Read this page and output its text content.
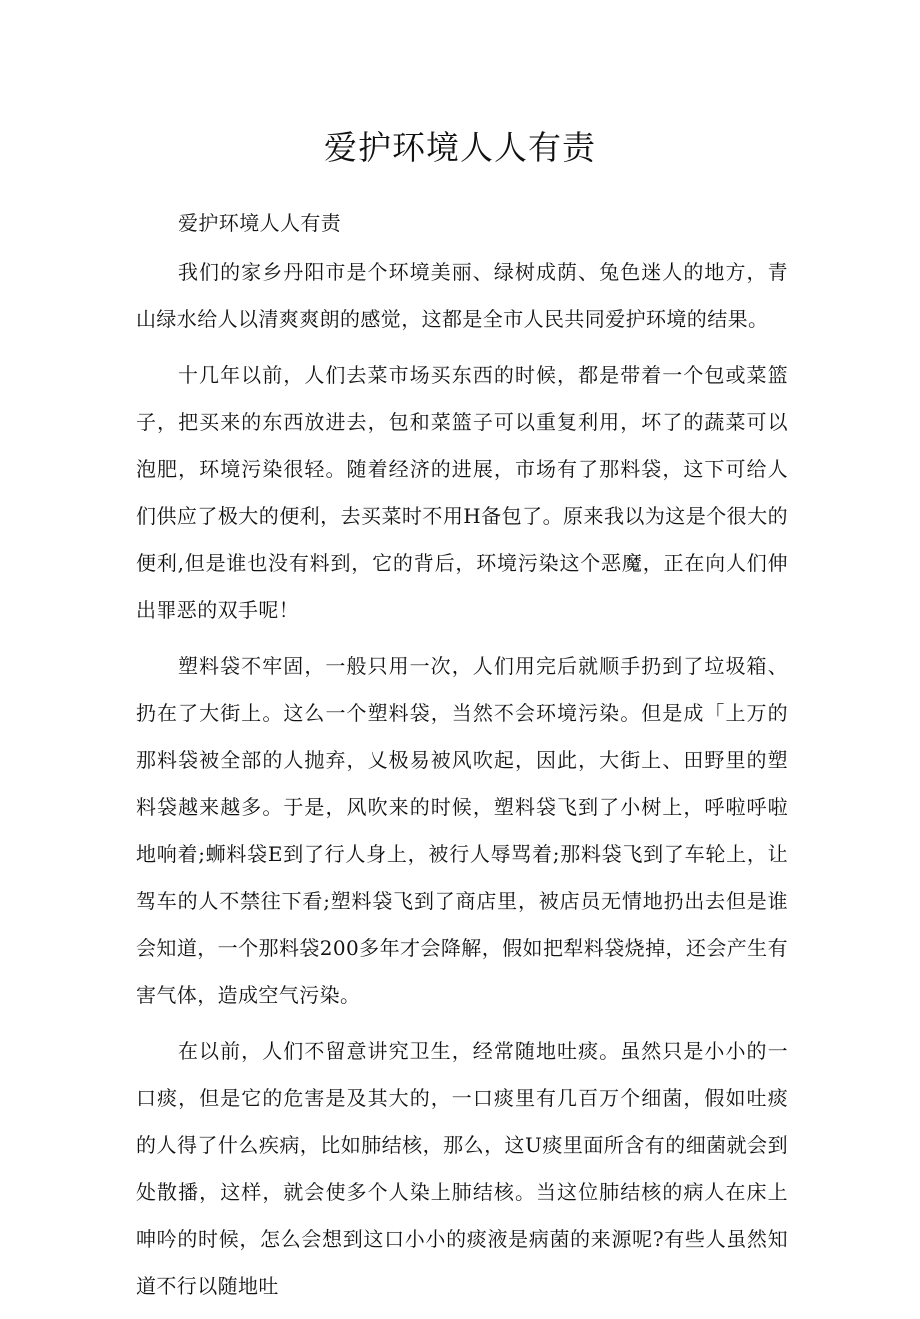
爱护环境人人有责

爱护环境人人有责

我们的家乡丹阳市是个环境美丽、绿树成荫、兔色迷人的地方，青山绿水给人以清爽爽朗的感觉，这都是全市人民共同爱护环境的结果。

十几年以前，人们去菜市场买东西的时候，都是带着一个包或菜篮子，把买来的东西放进去，包和菜篮子可以重复利用，坏了的蔬菜可以泡肥，环境污染很轻。随着经济的进展，市场有了那料袋，这下可给人们供应了极大的便利，去买菜时不用H备包了。原来我以为这是个很大的便利,但是谁也没有料到，它的背后，环境污染这个恶魔，正在向人们伸出罪恶的双手呢！

塑料袋不牢固，一般只用一次，人们用完后就顺手扔到了垃圾箱、扔在了大街上。这么一个塑料袋，当然不会环境污染。但是成「上万的那料袋被全部的人抛弃，乂极易被风吹起，因此，大街上、田野里的塑料袋越来越多。于是，风吹来的时候，塑料袋飞到了小树上，呼啦呼啦地响着;蛳料袋E到了行人身上，被行人辱骂着;那料袋飞到了车轮上，让驾车的人不禁往下看;塑料袋飞到了商店里，被店员无情地扔出去但是谁会知道，一个那料袋200多年才会降解，假如把犁料袋烧掉，还会产生有害气体，造成空气污染。

在以前，人们不留意讲究卫生，经常随地吐痰。虽然只是小小的一口痰，但是它的危害是及其大的，一口痰里有几百万个细菌，假如吐痰的人得了什么疾病，比如肺结核，那么，这U痰里面所含有的细菌就会到处散播，这样，就会使多个人染上肺结核。当这位肺结核的病人在床上呻吟的时候，怎么会想到这口小小的痰液是病菌的来源呢?有些人虽然知道不行以随地吐
